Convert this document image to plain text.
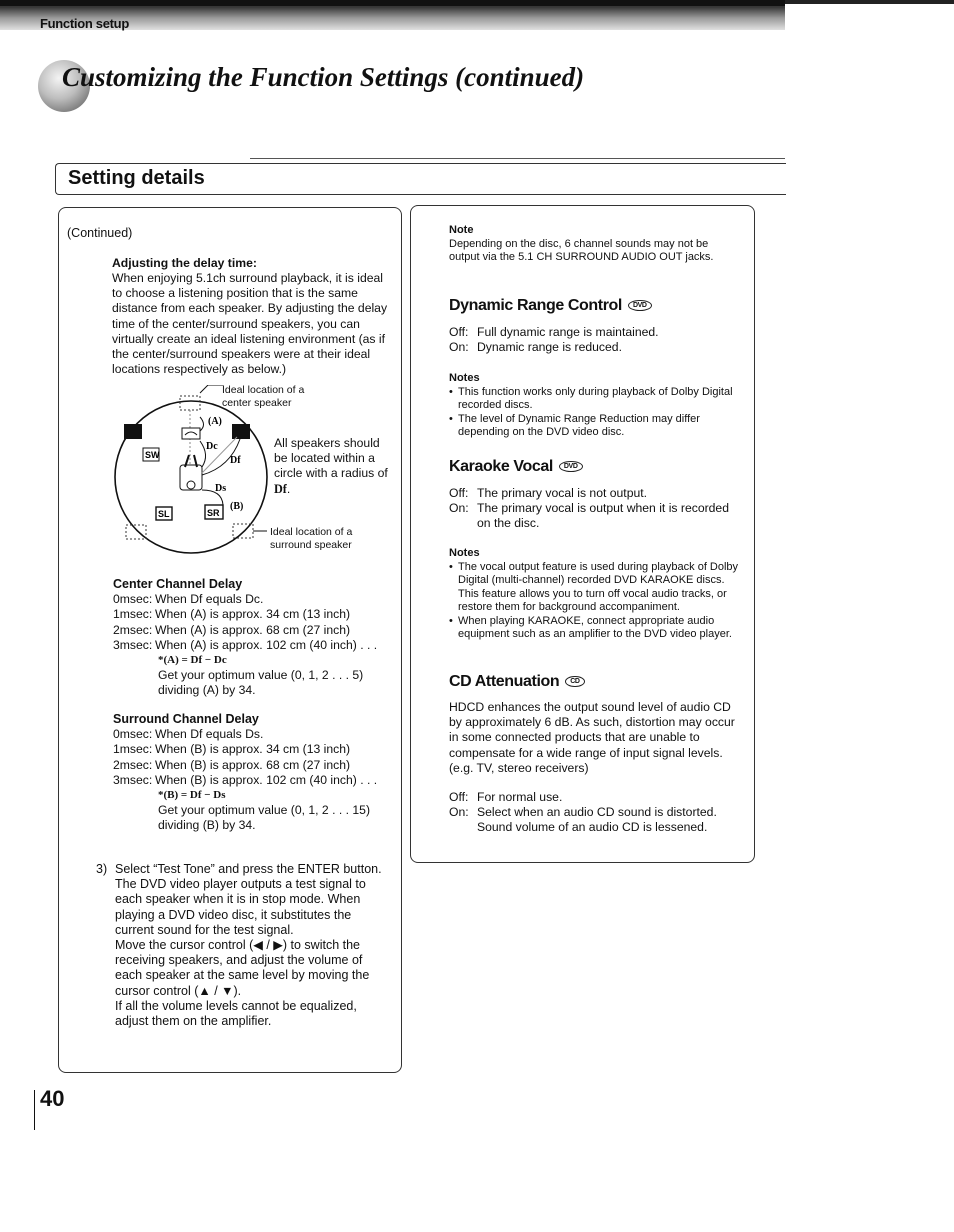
Function setup
Customizing the Function Settings (continued)
Setting details
(Continued)
Adjusting the delay time:
When enjoying 5.1ch surround playback, it is ideal to choose a listening position that is the same distance from each speaker. By adjusting the delay time of the center/surround speakers, you can virtually create an ideal listening environment (as if the center/surround speakers were at their ideal locations respectively as below.)
SW
(A)
Dc
Df
SL	SR
Ds
(B)
Ideal location of a center speaker
Ideal location of a surround speaker
All speakers should be located within a circle with a radius of Df.
Center Channel Delay
0msec: When Df equals Dc.
1msec: When (A) is approx. 34 cm (13 inch)
2msec: When (A) is approx. 68 cm (27 inch)
3msec: When (A) is approx. 102 cm (40 inch) . . .
*(A) = Df − Dc
Get your optimum value (0, 1, 2 . . . 5) dividing (A) by 34.
Surround Channel Delay
0msec: When Df equals Ds.
1msec: When (B) is approx. 34 cm (13 inch)
2msec: When (B) is approx. 68 cm (27 inch)
3msec: When (B) is approx. 102 cm (40 inch) . . .
*(B) = Df − Ds
Get your optimum value (0, 1, 2 . . . 15) dividing (B) by 34.
3) Select “Test Tone” and press the ENTER button.
The DVD video player outputs a test signal to each speaker when it is in stop mode. When playing a DVD video disc, it substitutes the current sound for the test signal.
Move the cursor control (◀ / ▶) to switch the receiving speakers, and adjust the volume of each speaker at the same level by moving the cursor control (▲ / ▼).
If all the volume levels cannot be equalized, adjust them on the amplifier.
Note
Depending on the disc, 6 channel sounds may not be output via the 5.1 CH SURROUND AUDIO OUT jacks.
Dynamic Range Control DVD
Off: Full dynamic range is maintained.
On: Dynamic range is reduced.
Notes
• This function works only during playback of Dolby Digital recorded discs.
• The level of Dynamic Range Reduction may differ depending on the DVD video disc.
Karaoke Vocal DVD
Off: The primary vocal is not output.
On: The primary vocal is output when it is recorded on the disc.
Notes
• The vocal output feature is used during playback of Dolby Digital (multi-channel) recorded DVD KARAOKE discs. This feature allows you to turn off vocal audio tracks, or restore them for background accompaniment.
• When playing KARAOKE, connect appropriate audio equipment such as an amplifier to the DVD video player.
CD Attenuation CD
HDCD enhances the output sound level of audio CD by approximately 6 dB. As such, distortion may occur in some connected products that are unable to compensate for a wide range of input signal levels. (e.g. TV, stereo receivers)
Off: For normal use.
On: Select when an audio CD sound is distorted. Sound volume of an audio CD is lessened.
40
